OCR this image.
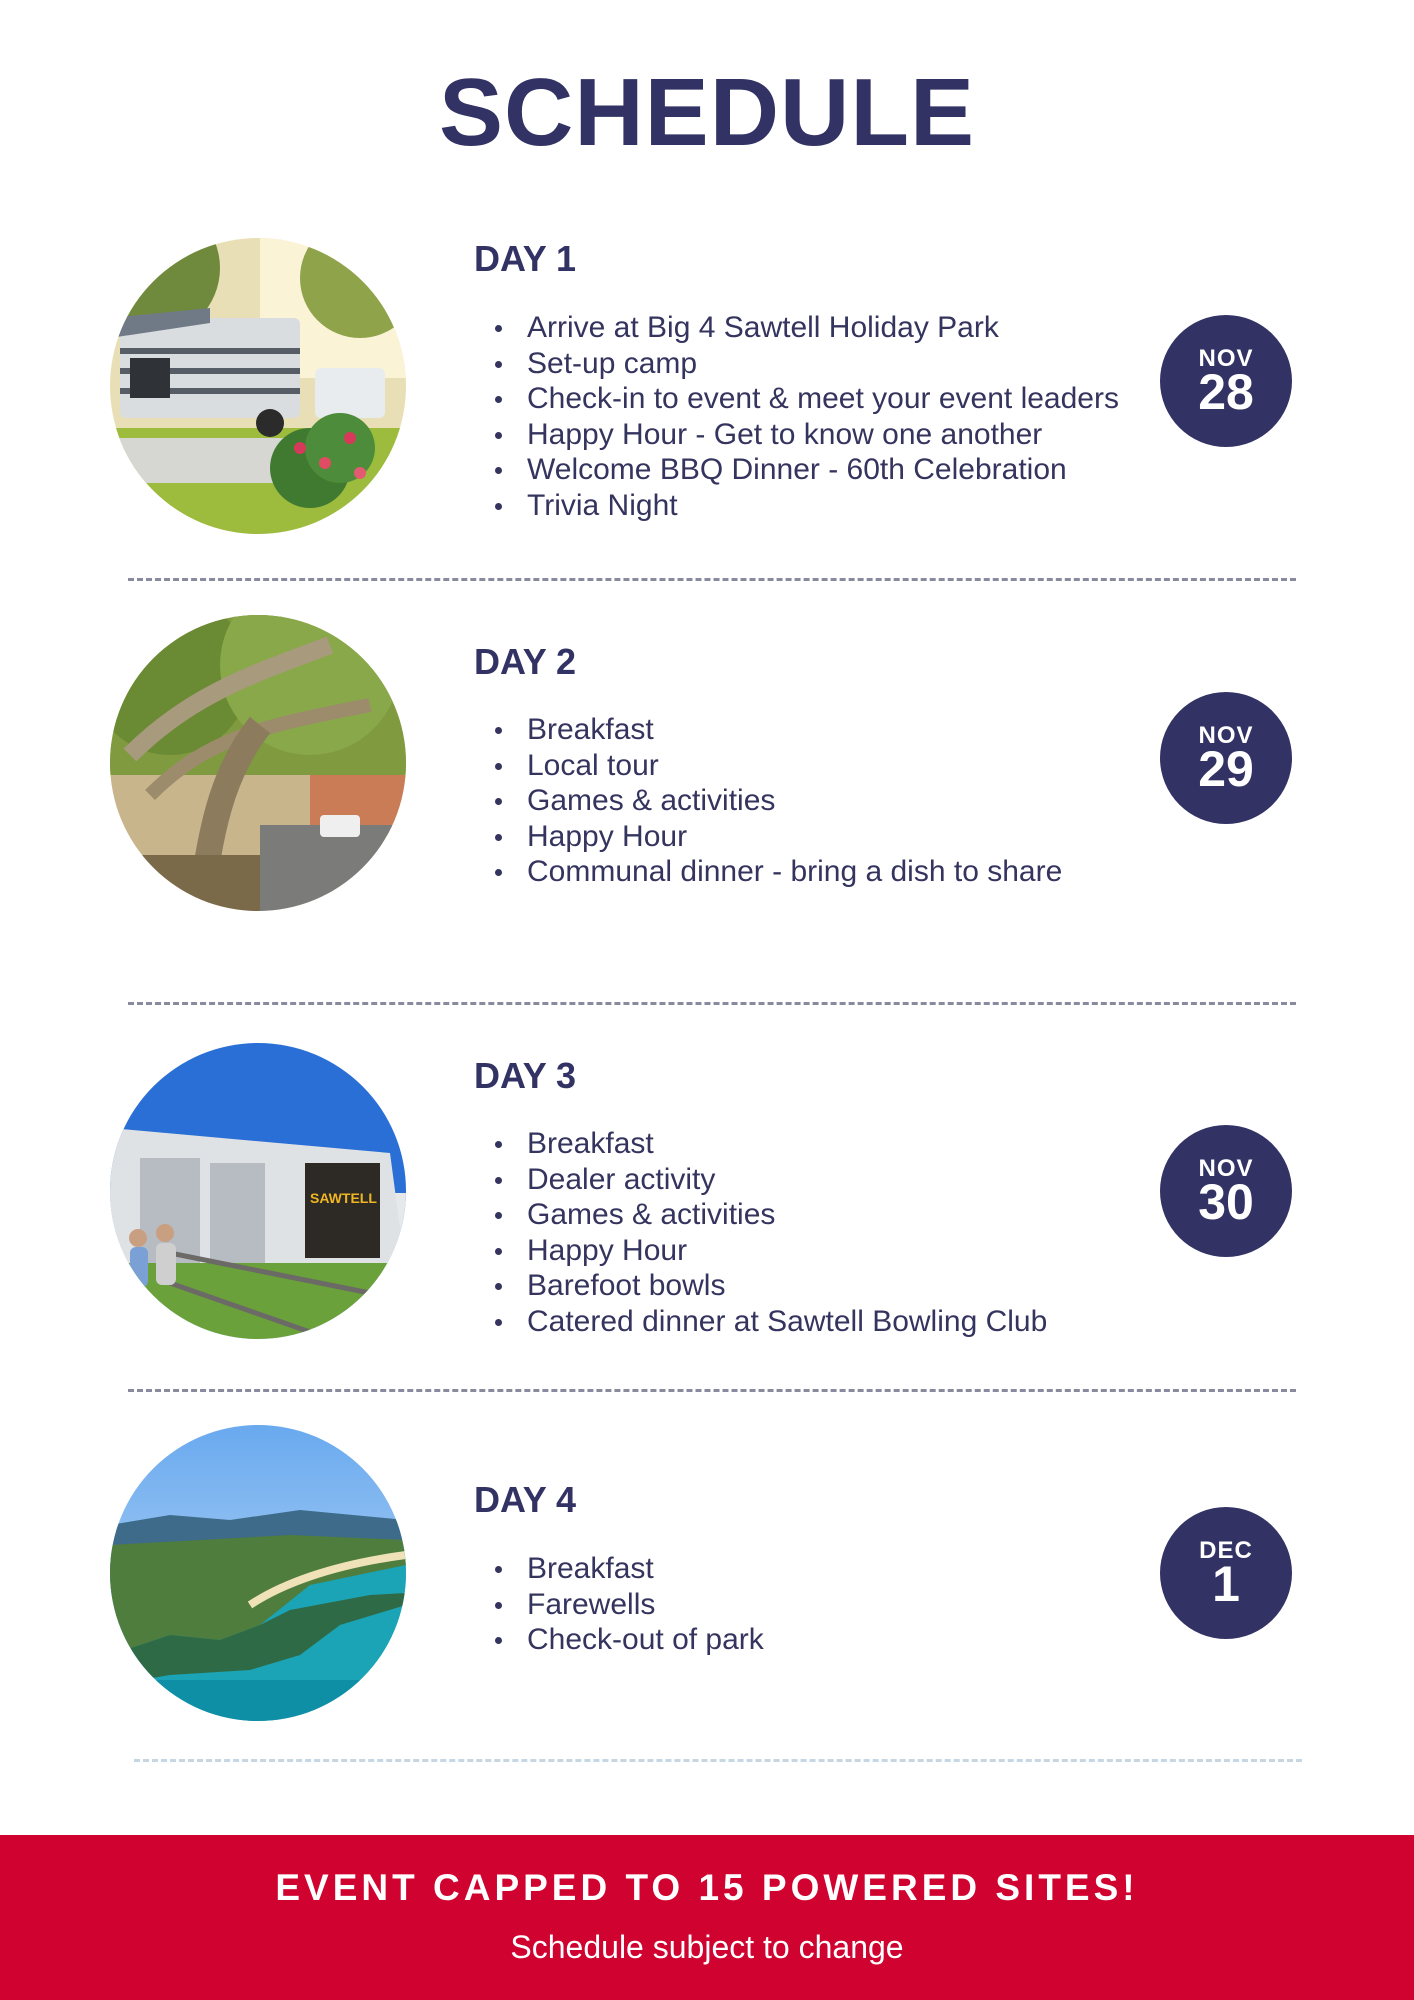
SCHEDULE
DAY 1
Arrive at Big 4 Sawtell Holiday Park
Set-up camp
Check-in to event & meet your event leaders
Happy Hour - Get to know one another
Welcome BBQ Dinner - 60th Celebration
Trivia Night
NOV
28
DAY 2
Breakfast
Local tour
Games & activities
Happy Hour
Communal dinner - bring a dish to share
NOV
29
SAWTELL
DAY 3
Breakfast
Dealer activity
Games & activities
Happy Hour
Barefoot bowls
Catered dinner at Sawtell Bowling Club
NOV
30
DAY 4
Breakfast
Farewells
Check-out of park
DEC
1
EVENT CAPPED TO 15 POWERED SITES!
Schedule subject to change
